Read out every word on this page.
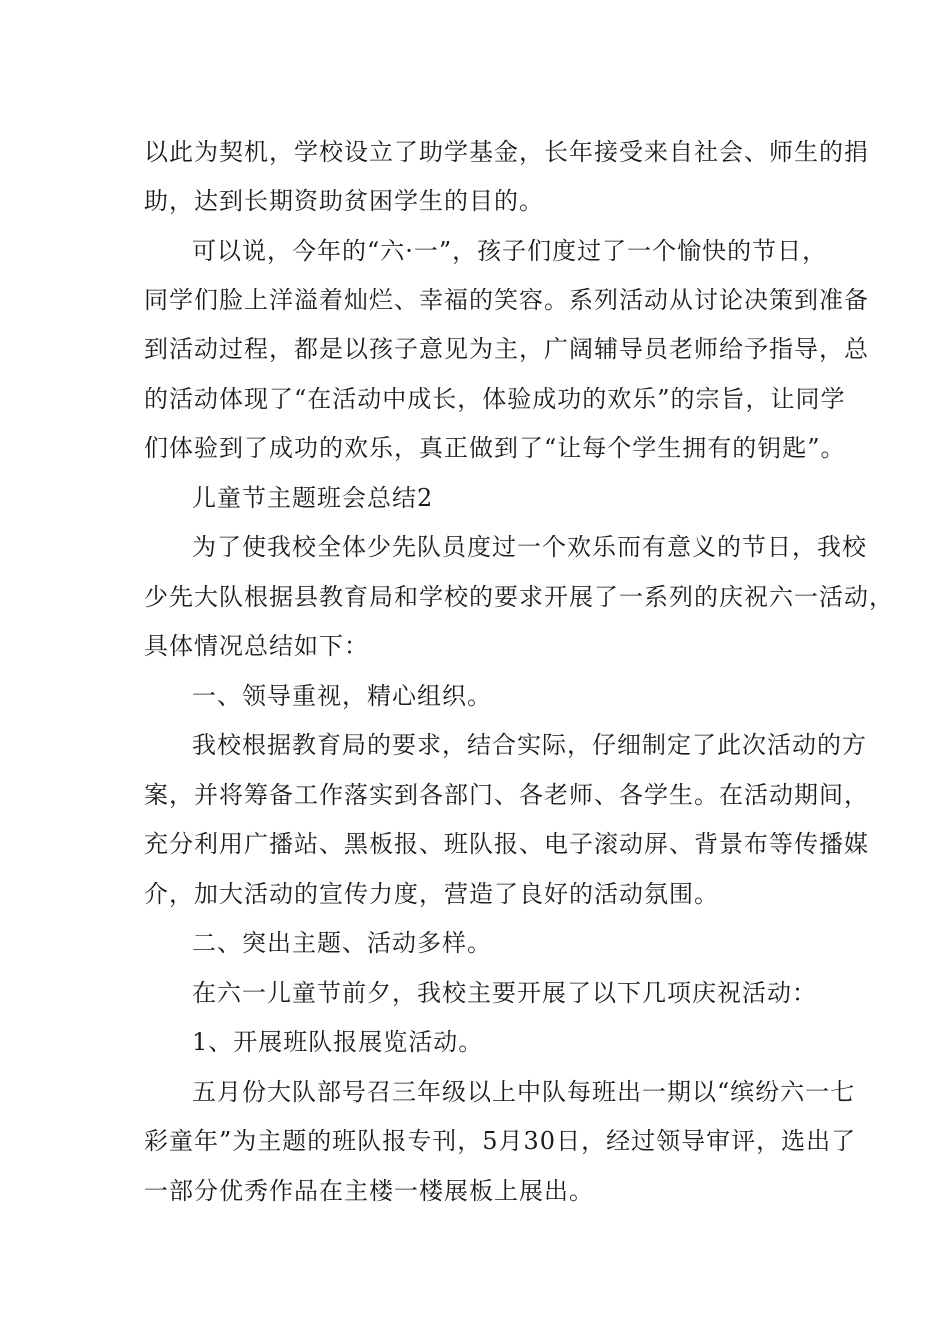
以此为契机，学校设立了助学基金，长年接受来自社会、师生的捐
助，达到长期资助贫困学生的目的。
可以说，今年的“六·一”，孩子们度过了一个愉快的节日，
同学们脸上洋溢着灿烂、幸福的笑容。系列活动从讨论决策到准备
到活动过程，都是以孩子意见为主，广阔辅导员老师给予指导，总
的活动体现了“在活动中成长，体验成功的欢乐”的宗旨，让同学
们体验到了成功的欢乐，真正做到了“让每个学生拥有的钥匙”。
儿童节主题班会总结2
为了使我校全体少先队员度过一个欢乐而有意义的节日，我校
少先大队根据县教育局和学校的要求开展了一系列的庆祝六一活动，
具体情况总结如下：
一、领导重视，精心组织。
我校根据教育局的要求，结合实际，仔细制定了此次活动的方
案，并将筹备工作落实到各部门、各老师、各学生。在活动期间，
充分利用广播站、黑板报、班队报、电子滚动屏、背景布等传播媒
介，加大活动的宣传力度，营造了良好的活动氛围。
二、突出主题、活动多样。
在六一儿童节前夕，我校主要开展了以下几项庆祝活动：
1、开展班队报展览活动。
五月份大队部号召三年级以上中队每班出一期以“缤纷六一七
彩童年”为主题的班队报专刊，5月30日，经过领导审评，选出了
一部分优秀作品在主楼一楼展板上展出。
